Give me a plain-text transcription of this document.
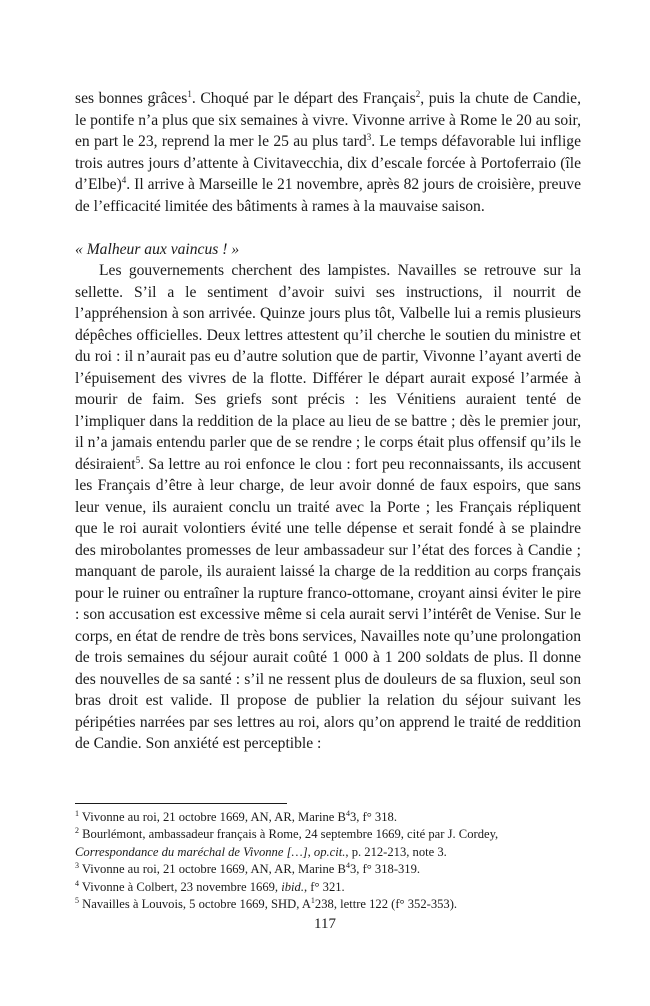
ses bonnes grâces$^1$. Choqué par le départ des Français$^2$, puis la chute de Candie, le pontife n’a plus que six semaines à vivre. Vivonne arrive à Rome le 20 au soir, en part le 23, reprend la mer le 25 au plus tard$^3$. Le temps défavorable lui inflige trois autres jours d’attente à Civitavecchia, dix d’escale forcée à Portoferraio (île d’Elbe)$^4$. Il arrive à Marseille le 21 novembre, après 82 jours de croisière, preuve de l’efficacité limitée des bâtiments à rames à la mauvaise saison.

« Malheur aux vaincus ! »

Les gouvernements cherchent des lampistes. Navailles se retrouve sur la sellette. S’il a le sentiment d’avoir suivi ses instructions, il nourrit de l’appréhension à son arrivée. Quinze jours plus tôt, Valbelle lui a remis plusieurs dépêches officielles. Deux lettres attestent qu’il cherche le soutien du ministre et du roi : il n’aurait pas eu d’autre solution que de partir, Vivonne l’ayant averti de l’épuisement des vivres de la flotte. Différer le départ aurait exposé l’armée à mourir de faim. Ses griefs sont précis : les Vénitiens auraient tenté de l’impliquer dans la reddition de la place au lieu de se battre ; dès le premier jour, il n’a jamais entendu parler que de se rendre ; le corps était plus offensif qu’ils le désiraient$^5$. Sa lettre au roi enfonce le clou : fort peu reconnaissants, ils accusent les Français d’être à leur charge, de leur avoir donné de faux espoirs, que sans leur venue, ils auraient conclu un traité avec la Porte ; les Français répliquent que le roi aurait volontiers évité une telle dépense et serait fondé à se plaindre des mirobolantes promesses de leur ambassadeur sur l’état des forces à Candie ; manquant de parole, ils auraient laissé la charge de la reddition au corps français pour le ruiner ou entraîner la rupture franco-ottomane, croyant ainsi éviter le pire : son accusation est excessive même si cela aurait servi l’intérêt de Venise. Sur le corps, en état de rendre de très bons services, Navailles note qu’une prolongation de trois semaines du séjour aurait coûté 1 000 à 1 200 soldats de plus. Il donne des nouvelles de sa santé : s’il ne ressent plus de douleurs de sa fluxion, seul son bras droit est valide. Il propose de publier la relation du séjour suivant les péripéties narrées par ses lettres au roi, alors qu’on apprend le traité de reddition de Candie. Son anxiété est perceptible :

$^1$ Vivonne au roi, 21 octobre 1669, AN, AR, Marine $B^43$, f° 318.

$^2$ Bourlémont, ambassadeur français à Rome, 24 septembre 1669, cité par J. Cordey, Correspondance du maréchal de Vivonne […], op.cit., p. 212-213, note 3.

$^3$ Vivonne au roi, 21 octobre 1669, AN, AR, Marine $B^43$, f° 318-319.

$^4$ Vivonne à Colbert, 23 novembre 1669, ibid., f° 321.

$^5$ Navailles à Louvois, 5 octobre 1669, SHD, $A^1238$, lettre 122 (f° 352-353).

117
